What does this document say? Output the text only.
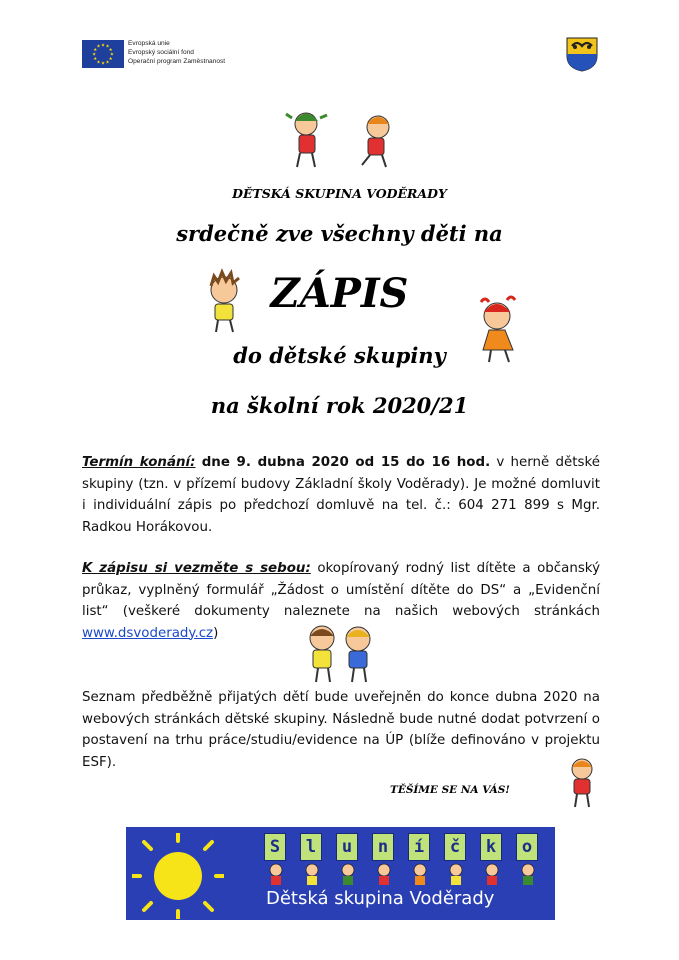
★ ★
★
★
★
★
★
★
★
★
★
★
Evropská unie
Evropský sociální fond
Operační program Zaměstnanost
DĚTSKÁ SKUPINA VODĚRADY
srdečně zve všechny děti na
ZÁPIS
do dětské skupiny
na školní rok 2020/21
Termín konání: dne 9. dubna 2020 od 15 do 16 hod. v herně dětské skupiny (tzn. v přízemí budovy Základní školy Voděrady). Je možné domluvit i individuální zápis po předchozí domluvě na tel. č.: 604 271 899 s Mgr. Radkou Horákovou.
K zápisu si vezměte s sebou: okopírovaný rodný list dítěte a občanský průkaz, vyplněný formulář „Žádost o umístění dítěte do DS“ a „Evidenční list“ (veškeré dokumenty naleznete na našich webových stránkách www.dsvoderady.cz)
Seznam předběžně přijatých dětí bude uveřejněn do konce dubna 2020 na webových stránkách dětské skupiny. Následně bude nutné dodat potvrzení o postavení na trhu práce/studiu/evidence na ÚP (blíže definováno v projektu ESF).
TĚŠÍME SE NA VÁS!
S	l	u	n	í	č	k	o
Dětská skupina Voděrady
